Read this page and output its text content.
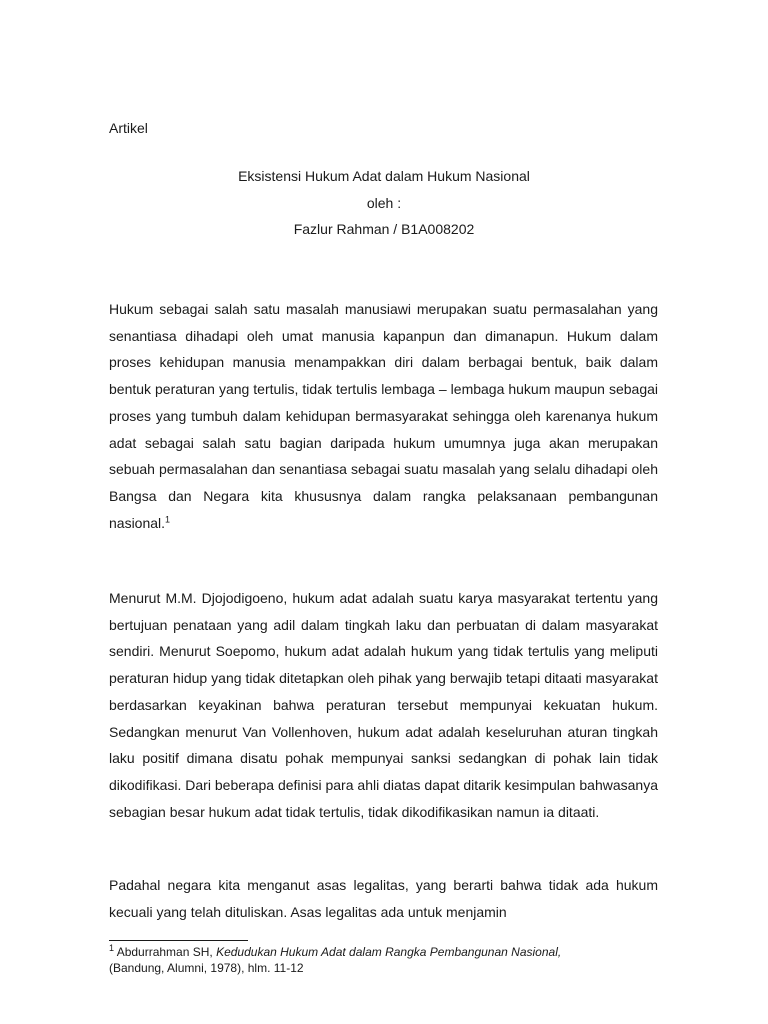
Artikel
Eksistensi Hukum Adat dalam Hukum Nasional
oleh :
Fazlur Rahman / B1A008202

Hukum sebagai salah satu masalah manusiawi merupakan suatu permasalahan yang senantiasa dihadapi oleh umat manusia kapanpun dan dimanapun. Hukum dalam proses kehidupan manusia menampakkan diri dalam berbagai bentuk, baik dalam bentuk peraturan yang tertulis, tidak tertulis lembaga – lembaga hukum maupun sebagai proses yang tumbuh dalam kehidupan bermasyarakat sehingga oleh karenanya hukum adat sebagai salah satu bagian daripada hukum umumnya juga akan merupakan sebuah permasalahan dan senantiasa sebagai suatu masalah yang selalu dihadapi oleh Bangsa dan Negara kita khususnya dalam rangka pelaksanaan pembangunan nasional.$^1$

Menurut M.M. Djojodigoeno, hukum adat adalah suatu karya masyarakat tertentu yang bertujuan penataan yang adil dalam tingkah laku dan perbuatan di dalam masyarakat sendiri. Menurut Soepomo, hukum adat adalah hukum yang tidak tertulis yang meliputi peraturan hidup yang tidak ditetapkan oleh pihak yang berwajib tetapi ditaati masyarakat berdasarkan keyakinan bahwa peraturan tersebut mempunyai kekuatan hukum. Sedangkan menurut Van Vollenhoven, hukum adat adalah keseluruhan aturan tingkah laku positif dimana disatu pohak mempunyai sanksi sedangkan di pohak lain tidak dikodifikasi. Dari beberapa definisi para ahli diatas dapat ditarik kesimpulan bahwasanya sebagian besar hukum adat tidak tertulis, tidak dikodifikasikan namun ia ditaati.

Padahal negara kita menganut asas legalitas, yang berarti bahwa tidak ada hukum kecuali yang telah dituliskan. Asas legalitas ada untuk menjamin

$^1$ Abdurrahman SH, Kedudukan Hukum Adat dalam Rangka Pembangunan Nasional,
(Bandung, Alumni, 1978), hlm. 11-12
